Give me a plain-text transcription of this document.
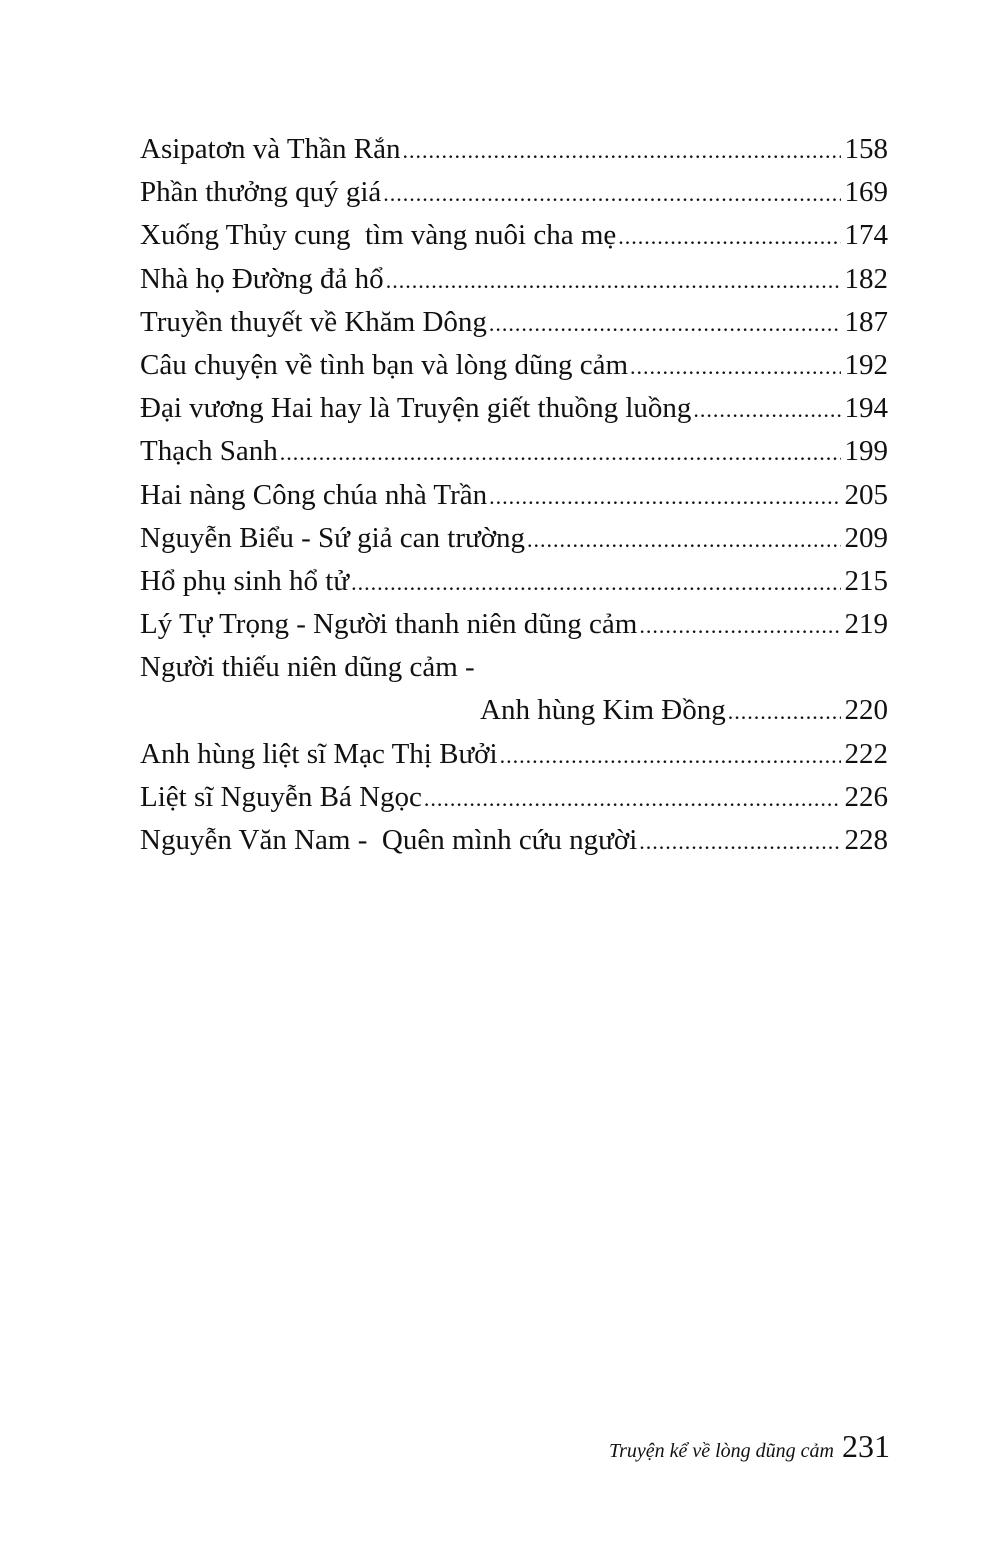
Asipatơn và Thần Rắn .....	158
Phần thưởng quý giá .....	169
Xuống Thủy cung  tìm vàng nuôi cha mẹ .....	174
Nhà họ Đường đả hổ .....	182
Truyền thuyết về Khăm Dông .....	187
Câu chuyện về tình bạn và lòng dũng cảm .....	192
Đại vương Hai hay là Truyện giết thuồng luồng .....	194
Thạch Sanh .....	199
Hai nàng Công chúa nhà Trần .....	205
Nguyễn Biểu - Sứ giả can trường .....	209
Hổ phụ sinh hổ tử .....	215
Lý Tự Trọng - Người thanh niên dũng cảm .....	219
Người thiếu niên dũng cảm -
Anh hùng Kim Đồng .....	220
Anh hùng liệt sĩ Mạc Thị Bưởi .....	222
Liệt sĩ Nguyễn Bá Ngọc .....	226
Nguyễn Văn Nam -  Quên mình cứu người .....	228
Truyện kể về lòng dũng cảm 231
